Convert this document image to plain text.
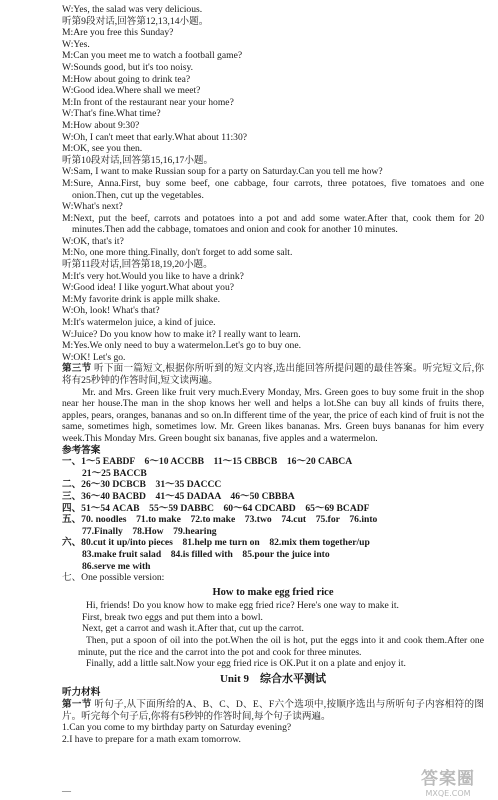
W:Yes, the salad was very delicious.
听第9段对话,回答第12,13,14小题。
M:Are you free this Sunday?
W:Yes.
M:Can you meet me to watch a football game?
W:Sounds good, but it's too noisy.
M:How about going to drink tea?
W:Good idea.Where shall we meet?
M:In front of the restaurant near your home?
W:That's fine.What time?
M:How about 9:30?
W:Oh, I can't meet that early.What about 11:30?
M:OK, see you then.
听第10段对话,回答第15,16,17小题。
W:Sam, I want to make Russian soup for a party on Saturday.Can you tell me how?
M:Sure, Anna.First, buy some beef, one cabbage, four carrots, three potatoes, five tomatoes and one onion.Then, cut up the vegetables.
W:What's next?
M:Next, put the beef, carrots and potatoes into a pot and add some water.After that, cook them for 20 minutes.Then add the cabbage, tomatoes and onion and cook for another 10 minutes.
W:OK, that's it?
M:No, one more thing.Finally, don't forget to add some salt.
听第11段对话,回答第18,19,20小题。
M:It's very hot.Would you like to have a drink?
W:Good idea! I like yogurt.What about you?
M:My favorite drink is apple milk shake.
W:Oh, look! What's that?
M:It's watermelon juice, a kind of juice.
W:Juice? Do you know how to make it? I really want to learn.
M:Yes.We only need to buy a watermelon.Let's go to buy one.
W:OK! Let's go.
第三节 听下面一篇短文,根据你所听到的短文内容,选出能回答所提问题的最佳答案。听完短文后,你将有25秒钟的作答时间,短文读两遍。
Mr. and Mrs. Green like fruit very much.Every Monday, Mrs. Green goes to buy some fruit in the shop near her house.The man in the shop knows her well and helps a lot.She can buy all kinds of fruits there, apples, pears, oranges, bananas and so on.In different time of the year, the price of each kind of fruit is not the same, sometimes high, sometimes low. Mr. Green likes bananas. Mrs. Green buys bananas for him every week.This Monday Mrs. Green bought six bananas, five apples and a watermelon.
参考答案
一、1～5 EABDF　6～10 ACCBB　11～15 CBBCB　16～20 CABCA
21～25 BACCB
二、26～30 DCBCB　31～35 DACCC
三、36～40 BACBD　41～45 DADAA　46～50 CBBBA
四、51～54 ACAB　55～59 DABBC　60～64 CDCABD　65～69 BCADF
五、70. noodles　71.to make　72.to make　73.two　74.cut　75.for　76.into
77.Finally　78.How　79.hearing
六、80.cut it up/into pieces　81.help me turn on　82.mix them together/up
83.make fruit salad　84.is filled with　85.pour the juice into
86.serve me with
七、One possible version:
How to make egg fried rice
Hi, friends! Do you know how to make egg fried rice? Here's one way to make it.
First, break two eggs and put them into a bowl.
Next, get a carrot and wash it.After that, cut up the carrot.
Then, put a spoon of oil into the pot.When the oil is hot, put the eggs into it and cook them.After one minute, put the rice and the carrot into the pot and cook for three minutes.
Finally, add a little salt.Now your egg fried rice is OK.Put it on a plate and enjoy it.
Unit 9　综合水平测试
听力材料
第一节 听句子,从下面所给的A、B、C、D、E、F六个选项中,按顺序选出与所听句子内容相符的图片。听完每个句子后,你将有5秒钟的作答时间,每个句子读两遍。
1.Can you come to my birthday party on Saturday evening?
2.I have to prepare for a math exam tomorrow.
—
答案圈
MXQE.COM
